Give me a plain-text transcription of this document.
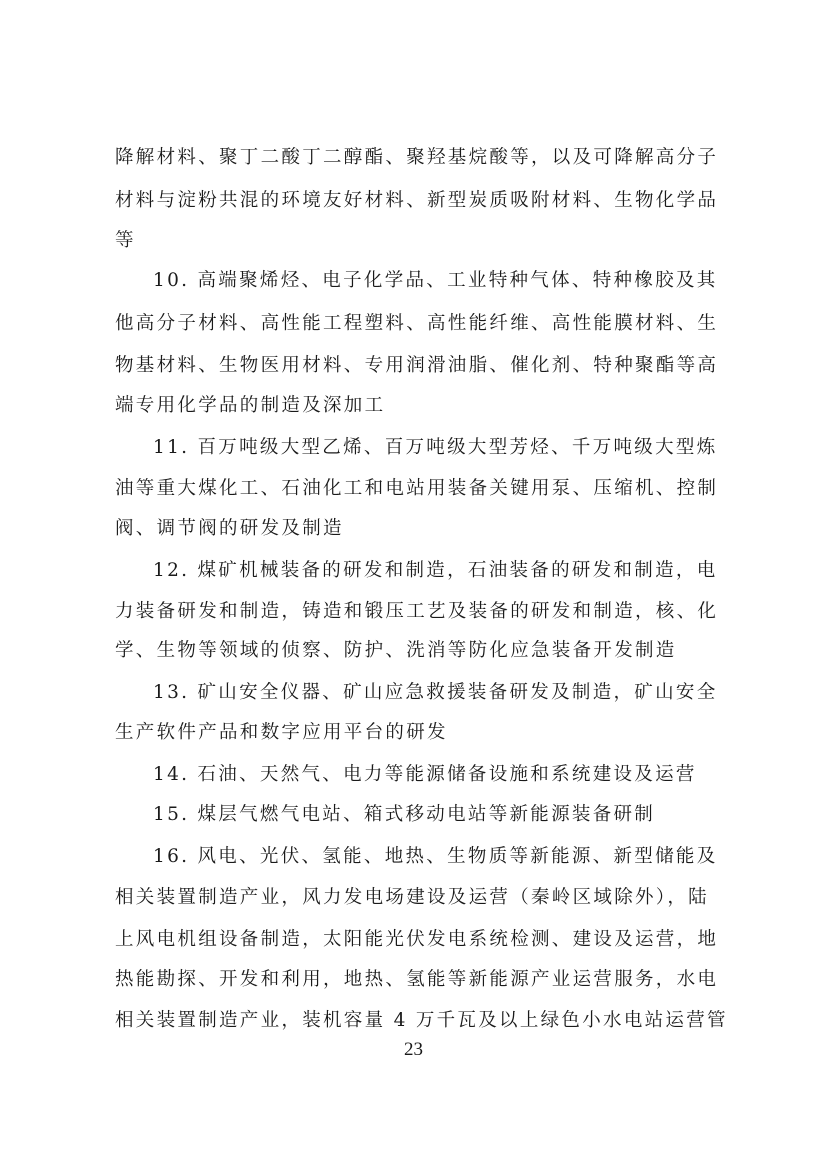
降解材料、聚丁二酸丁二醇酯、聚羟基烷酸等，以及可降解高分子
材料与淀粉共混的环境友好材料、新型炭质吸附材料、生物化学品
等
10. 高端聚烯烃、电子化学品、工业特种气体、特种橡胶及其
他高分子材料、高性能工程塑料、高性能纤维、高性能膜材料、生
物基材料、生物医用材料、专用润滑油脂、催化剂、特种聚酯等高
端专用化学品的制造及深加工
11. 百万吨级大型乙烯、百万吨级大型芳烃、千万吨级大型炼
油等重大煤化工、石油化工和电站用装备关键用泵、压缩机、控制
阀、调节阀的研发及制造
12. 煤矿机械装备的研发和制造，石油装备的研发和制造，电
力装备研发和制造，铸造和锻压工艺及装备的研发和制造，核、化
学、生物等领域的侦察、防护、洗消等防化应急装备开发制造
13. 矿山安全仪器、矿山应急救援装备研发及制造，矿山安全
生产软件产品和数字应用平台的研发
14. 石油、天然气、电力等能源储备设施和系统建设及运营
15. 煤层气燃气电站、箱式移动电站等新能源装备研制
16. 风电、光伏、氢能、地热、生物质等新能源、新型储能及
相关装置制造产业，风力发电场建设及运营（秦岭区域除外），陆
上风电机组设备制造，太阳能光伏发电系统检测、建设及运营，地
热能勘探、开发和利用，地热、氢能等新能源产业运营服务，水电
相关装置制造产业，装机容量 4 万千瓦及以上绿色小水电站运营管
23
